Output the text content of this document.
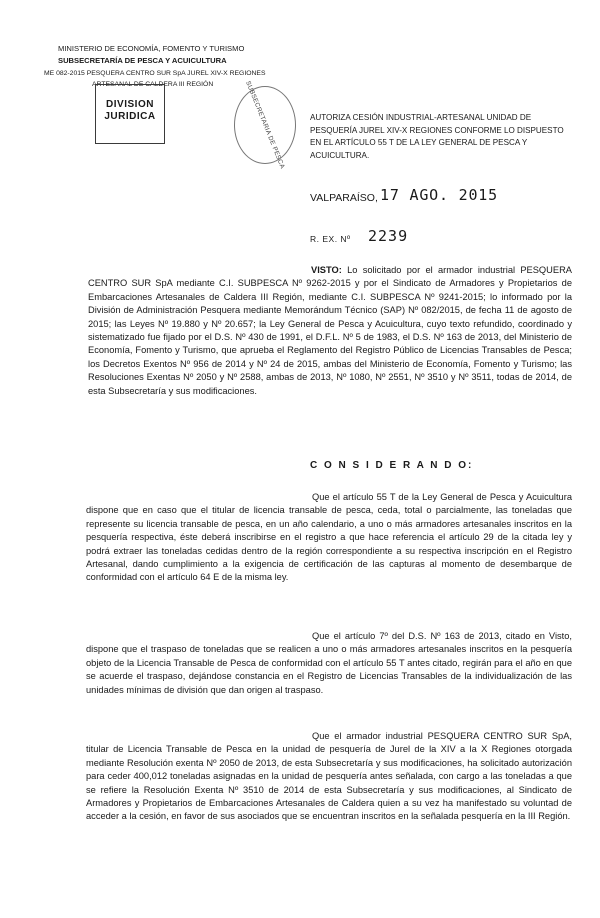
MINISTERIO DE ECONOMÍA, FOMENTO Y TURISMO
SUBSECRETARÍA DE PESCA Y ACUICULTURA
ME 082-2015 PESQUERA CENTRO SUR SpA JUREL XIV-X REGIONES
ARTESANAL DE CALDERA III REGIÓN
DIVISION
JURIDICA	SUBSECRETARIA DE PESCA	AUTORIZA CESIÓN INDUSTRIAL-ARTESANAL UNIDAD DE PESQUERÍA JUREL XIV-X REGIONES CONFORME LO DISPUESTO EN EL ARTÍCULO 55 T DE LA LEY GENERAL DE PESCA Y ACUICULTURA.
VALPARAÍSO, 17 AGO. 2015
R. EX. Nº 2239
VISTO: Lo solicitado por el armador industrial PESQUERA CENTRO SUR SpA mediante C.I. SUBPESCA Nº 9262-2015 y por el Sindicato de Armadores y Propietarios de Embarcaciones Artesanales de Caldera III Región, mediante C.I. SUBPESCA Nº 9241-2015; lo informado por la División de Administración Pesquera mediante Memorándum Técnico (SAP) Nº 082/2015, de fecha 11 de agosto de 2015; las Leyes Nº 19.880 y Nº 20.657; la Ley General de Pesca y Acuicultura, cuyo texto refundido, coordinado y sistematizado fue fijado por el D.S. Nº 430 de 1991, el D.F.L. Nº 5 de 1983, el D.S. Nº 163 de 2013, del Ministerio de Economía, Fomento y Turismo, que aprueba el Reglamento del Registro Público de Licencias Transables de Pesca; los Decretos Exentos Nº 956 de 2014 y Nº 24 de 2015, ambas del Ministerio de Economía, Fomento y Turismo; las Resoluciones Exentas Nº 2050 y Nº 2588, ambas de 2013, Nº 1080, Nº 2551, Nº 3510 y Nº 3511, todas de 2014, de esta Subsecretaría y sus modificaciones.
C O N S I D E R A N D O:
Que el artículo 55 T de la Ley General de Pesca y Acuicultura dispone que en caso que el titular de licencia transable de pesca, ceda, total o parcialmente, las toneladas que represente su licencia transable de pesca, en un año calendario, a uno o más armadores artesanales inscritos en la pesquería respectiva, éste deberá inscribirse en el registro a que hace referencia el artículo 29 de la citada ley y podrá extraer las toneladas cedidas dentro de la región correspondiente a su respectiva inscripción en el Registro Artesanal, dando cumplimiento a la exigencia de certificación de las capturas al momento de desembarque de conformidad con el artículo 64 E de la misma ley.
Que el artículo 7º del D.S. Nº 163 de 2013, citado en Visto, dispone que el traspaso de toneladas que se realicen a uno o más armadores artesanales inscritos en la pesquería objeto de la Licencia Transable de Pesca de conformidad con el artículo 55 T antes citado, regirán para el año en que se acuerde el traspaso, dejándose constancia en el Registro de Licencias Transables de la individualización de las unidades mínimas de división que dan origen al traspaso.
Que el armador industrial PESQUERA CENTRO SUR SpA, titular de Licencia Transable de Pesca en la unidad de pesquería de Jurel de la XIV a la X Regiones otorgada mediante Resolución exenta Nº 2050 de 2013, de esta Subsecretaría y sus modificaciones, ha solicitado autorización para ceder 400,012 toneladas asignadas en la unidad de pesquería antes señalada, con cargo a las toneladas a que se refiere la Resolución Exenta Nº 3510 de 2014 de esta Subsecretaría y sus modificaciones, al Sindicato de Armadores y Propietarios de Embarcaciones Artesanales de Caldera quien a su vez ha manifestado su voluntad de acceder a la cesión, en favor de sus asociados que se encuentran inscritos en la señalada pesquería en la III Región.
